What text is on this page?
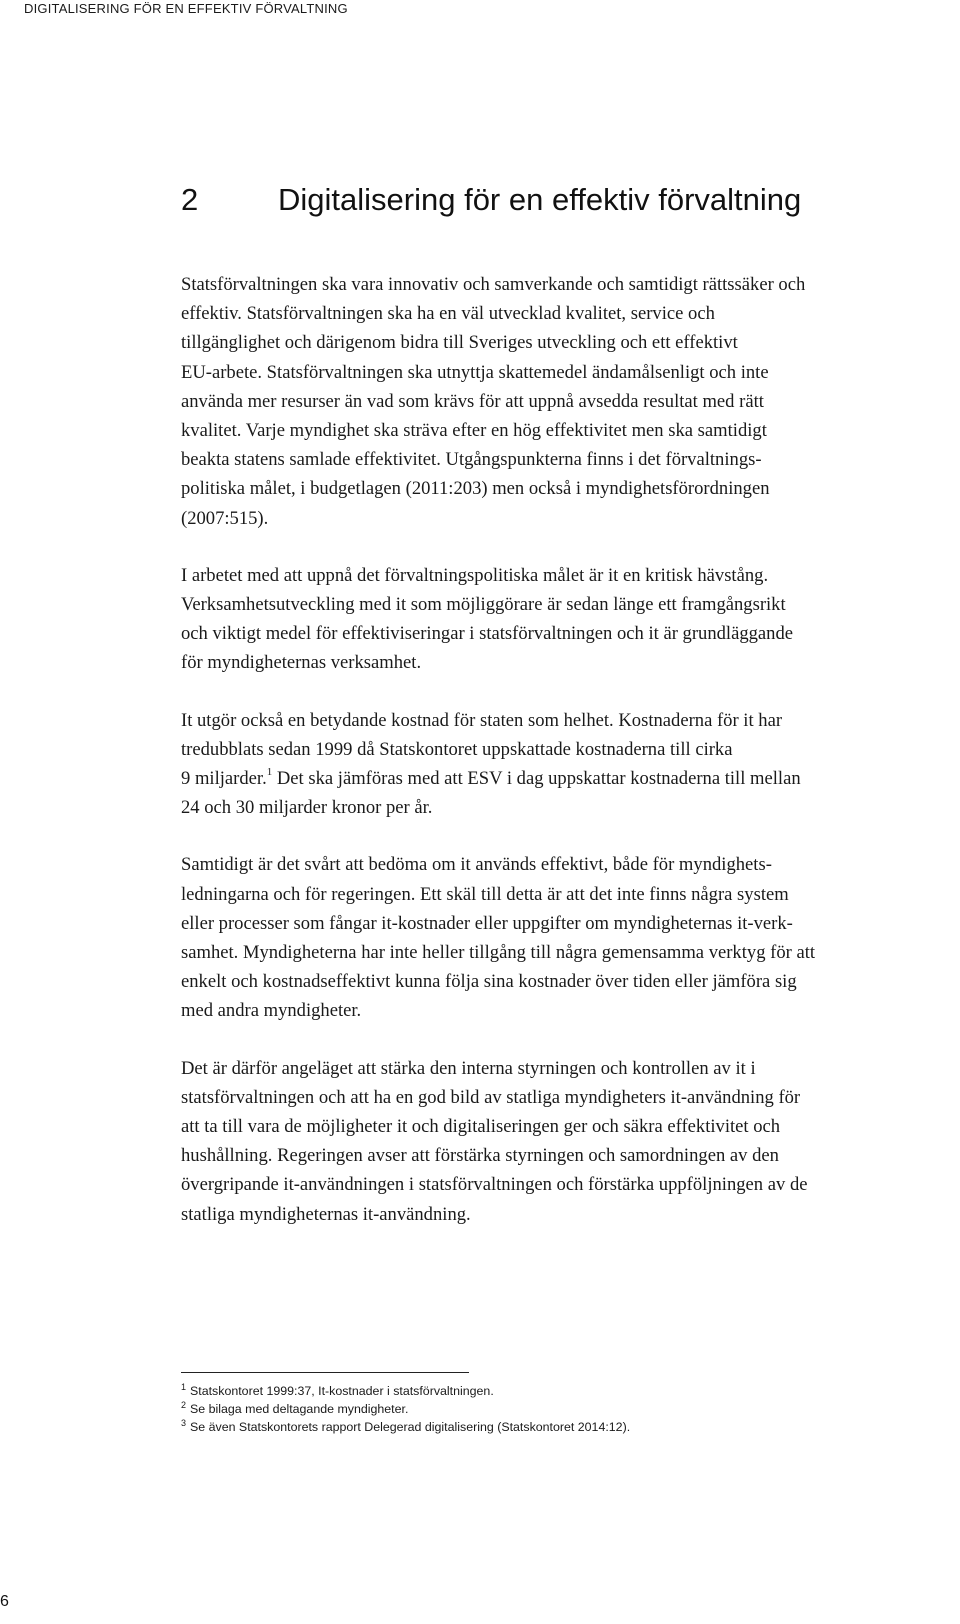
DIGITALISERING FÖR EN EFFEKTIV FÖRVALTNING
2	Digitalisering för en effektiv förvaltning

Statsförvaltningen ska vara innovativ och samverkande och samtidigt rättssäker och
effektiv. Statsförvaltningen ska ha en väl utvecklad kvalitet, service och
tillgänglighet och därigenom bidra till Sveriges utveckling och ett effektivt
EU-arbete. Statsförvaltningen ska utnyttja skattemedel ändamålsenligt och inte
använda mer resurser än vad som krävs för att uppnå avsedda resultat med rätt
kvalitet. Varje myndighet ska sträva efter en hög effektivitet men ska samtidigt
beakta statens samlade effektivitet. Utgångspunkterna finns i det förvaltnings-
politiska målet, i budgetlagen (2011:203) men också i myndighetsförordningen
(2007:515).

I arbetet med att uppnå det förvaltningspolitiska målet är it en kritisk hävstång.
Verksamhetsutveckling med it som möjliggörare är sedan länge ett framgångsrikt
och viktigt medel för effektiviseringar i statsförvaltningen och it är grundläggande
för myndigheternas verksamhet.

It utgör också en betydande kostnad för staten som helhet. Kostnaderna för it har
tredubblats sedan 1999 då Statskontoret uppskattade kostnaderna till cirka
9 miljarder.$^1$ Det ska jämföras med att ESV i dag uppskattar kostnaderna till mellan
24 och 30 miljarder kronor per år.

Samtidigt är det svårt att bedöma om it används effektivt, både för myndighets-
ledningarna och för regeringen. Ett skäl till detta är att det inte finns några system
eller processer som fångar it-kostnader eller uppgifter om myndigheternas it-verk-
samhet. Myndigheterna har inte heller tillgång till några gemensamma verktyg för att
enkelt och kostnadseffektivt kunna följa sina kostnader över tiden eller jämföra sig
med andra myndigheter.

Det är därför angeläget att stärka den interna styrningen och kontrollen av it i
statsförvaltningen och att ha en god bild av statliga myndigheters it-användning för
att ta till vara de möjligheter it och digitaliseringen ger och säkra effektivitet och
hushållning. Regeringen avser att förstärka styrningen och samordningen av den
övergripande it-användningen i statsförvaltningen och förstärka uppföljningen av de
statliga myndigheternas it-användning.

$^1$ Statskontoret 1999:37, It-kostnader i statsförvaltningen.
$^2$ Se bilaga med deltagande myndigheter.
$^3$ Se även Statskontorets rapport Delegerad digitalisering (Statskontoret 2014:12).
6
